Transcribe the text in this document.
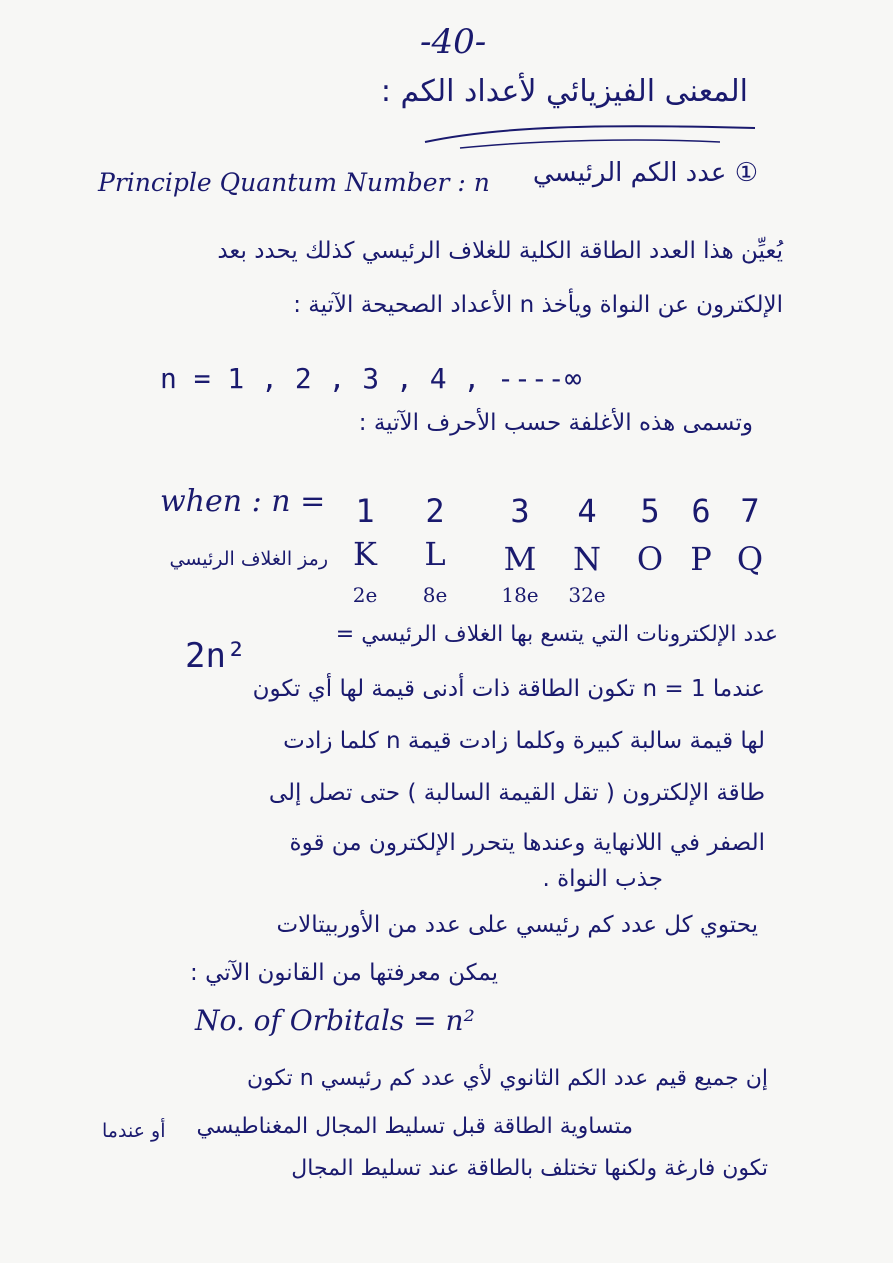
-40-
المعنى الفيزيائي لأعداد الكم :
① عدد الكم الرئيسي
Principle Quantum Number : n
يُعيِّن هذا العدد الطاقة الكلية للغلاف الرئيسي كذلك يحدد بعد
الإلكترون عن النواة ويأخذ n الأعداد الصحيحة الآتية :
n = 1 , 2 , 3 , 4 , ----∞
وتسمى هذه الأغلفة حسب الأحرف الآتية :
when : n = 1	2	3	4	5 6 7
رمز الغلاف الرئيسي K L M N O P Q
2e	8e	18e 32e
عدد الإلكترونات التي يتسع بها الغلاف الرئيسي =
2n²
عندما n = 1 تكون الطاقة ذات أدنى قيمة لها أي تكون
لها قيمة سالبة كبيرة وكلما زادت قيمة n كلما زادت
طاقة الإلكترون ( تقل القيمة السالبة ) حتى تصل إلى
الصفر في اللانهاية وعندها يتحرر الإلكترون من قوة
جذب النواة .
يحتوي كل عدد كم رئيسي على عدد من الأوربيتالات
يمكن معرفتها من القانون الآتي :
No. of Orbitals = n²
إن جميع قيم عدد الكم الثانوي لأي عدد كم رئيسي n تكون
متساوية الطاقة قبل تسليط المجال المغناطيسي
أو عندما
تكون فارغة ولكنها تختلف بالطاقة عند تسليط المجال
